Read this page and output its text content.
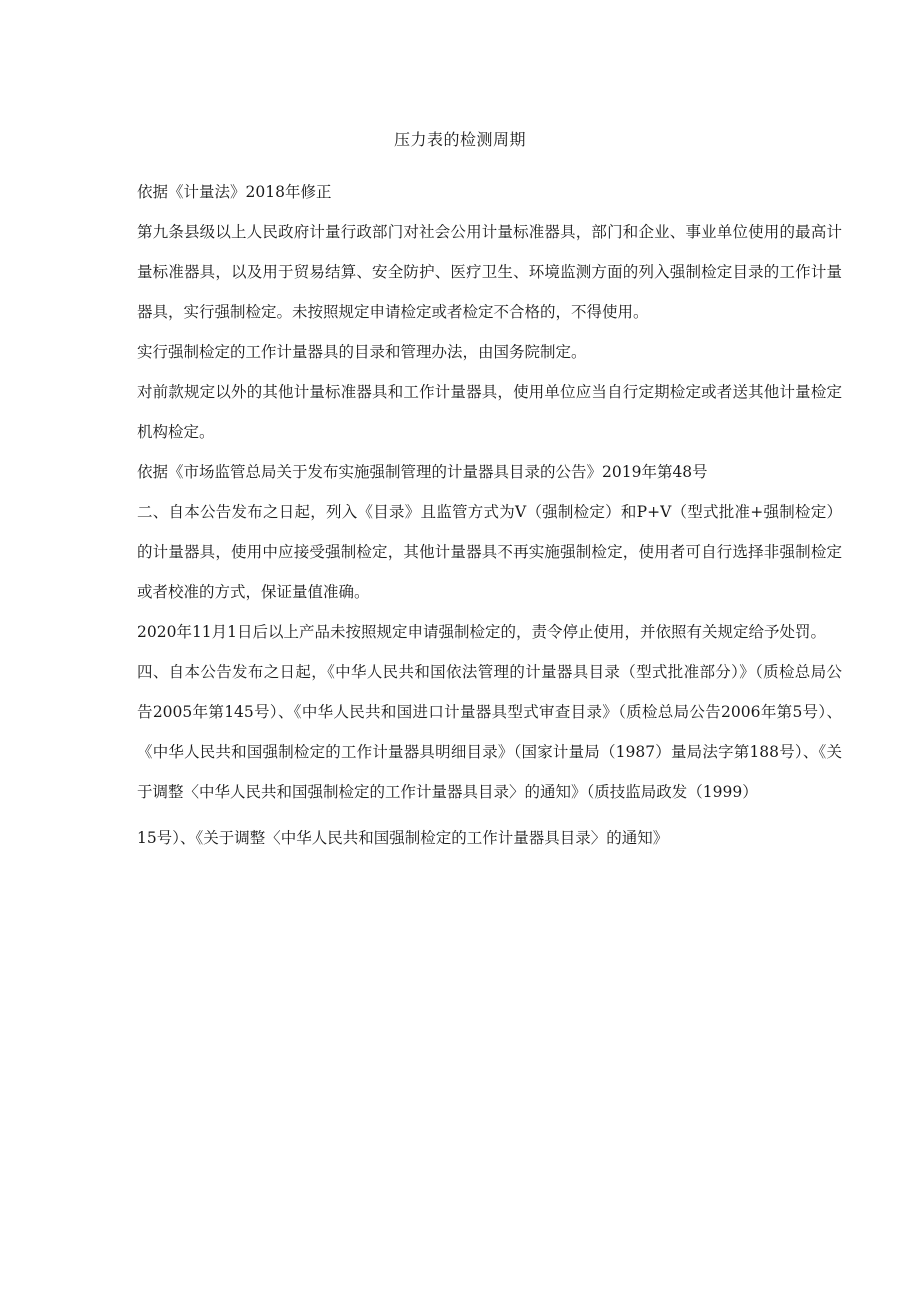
压力表的检测周期

依据《计量法》2018年修正

第九条县级以上人民政府计量行政部门对社会公用计量标准器具，部门和企业、事业单位使用的最高计量标准器具，以及用于贸易结算、安全防护、医疗卫生、环境监测方面的列入强制检定目录的工作计量器具，实行强制检定。未按照规定申请检定或者检定不合格的，不得使用。

实行强制检定的工作计量器具的目录和管理办法，由国务院制定。

对前款规定以外的其他计量标准器具和工作计量器具，使用单位应当自行定期检定或者送其他计量检定机构检定。

依据《市场监管总局关于发布实施强制管理的计量器具目录的公告》2019年第48号

二、自本公告发布之日起，列入《目录》且监管方式为V（强制检定）和P+V（型式批准+强制检定）的计量器具，使用中应接受强制检定，其他计量器具不再实施强制检定，使用者可自行选择非强制检定或者校准的方式，保证量值准确。

2020年11月1日后以上产品未按照规定申请强制检定的，责令停止使用，并依照有关规定给予处罚。

四、自本公告发布之日起，《中华人民共和国依法管理的计量器具目录（型式批准部分）》（质检总局公告2005年第145号）、《中华人民共和国进口计量器具型式审查目录》（质检总局公告2006年第5号）、《中华人民共和国强制检定的工作计量器具明细目录》（国家计量局（1987）量局法字第188号）、《关于调整〈中华人民共和国强制检定的工作计量器具目录〉的通知》（质技监局政发（1999）

15号）、《关于调整〈中华人民共和国强制检定的工作计量器具目录〉的通知》
